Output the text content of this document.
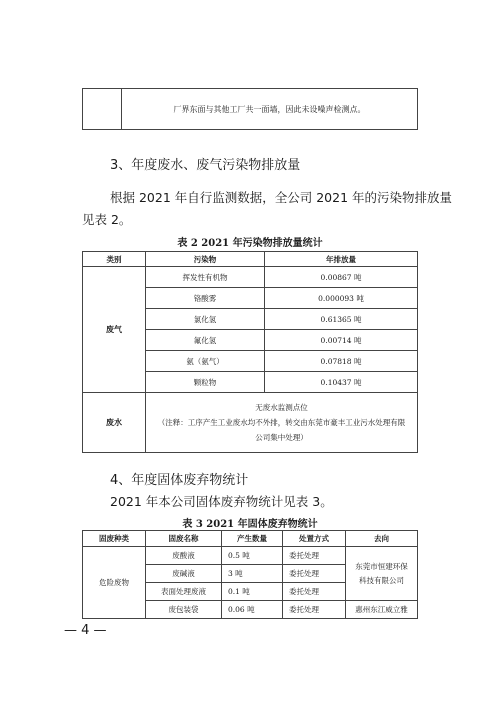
	厂界东面与其他工厂共一面墙，因此未设噪声检测点。
3、年度废水、废气污染物排放量
根据 2021 年自行监测数据，全公司 2021 年的污染物排放量
见表 2。
表 2 2021 年污染物排放量统计
类别	污染物	年排放量
废气	挥发性有机物	0.00867 吨
	铬酸雾	0.000093 吨
	氯化氢	0.61365 吨
	氟化氢	0.00714 吨
	氨（氨气）	0.07818 吨
	颗粒物	0.10437 吨
废水	无废水监测点位
（注释：工序产生工业废水均不外排，转交由东莞市豪丰工业污水处理有限
公司集中处理）	
4、年度固体废弃物统计
2021 年本公司固体废弃物统计见表 3。
表 3 2021 年固体废弃物统计
固废种类	固废名称	产生数量	处置方式	去向
危险废物	废酸液	0.5 吨	委托处理	东莞市恒建环保
科技有限公司

	废碱液	3 吨	委托处理	
	表面处理废液	0.1 吨	委托处理	
	废包装袋	0.06 吨	委托处理	惠州东江威立雅
— 4 —
